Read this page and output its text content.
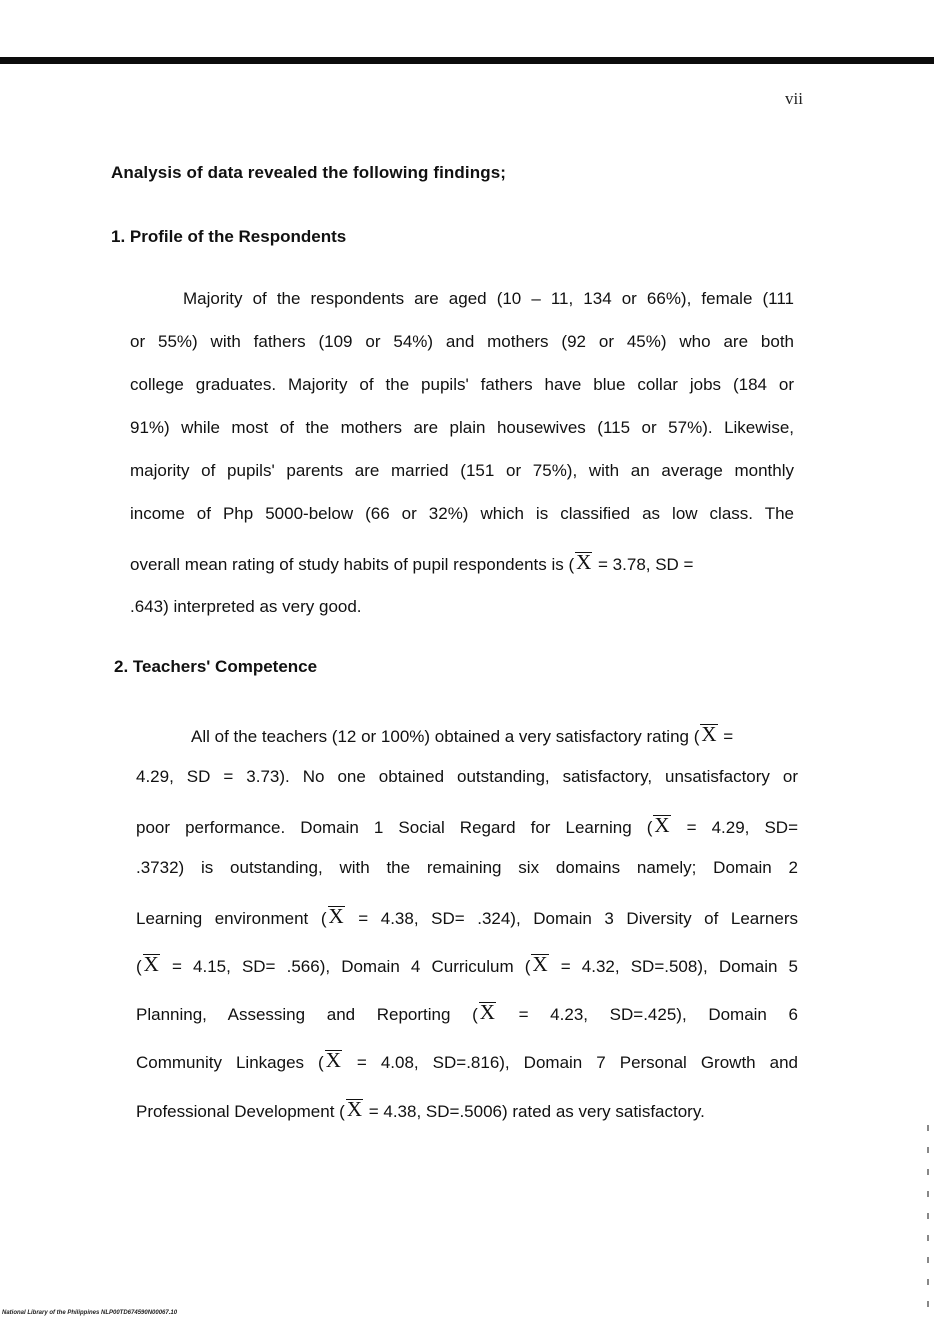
vii
Analysis of data revealed the following findings;
1. Profile of the Respondents
Majority of the respondents are aged (10 – 11, 134 or 66%), female (111
or 55%) with fathers (109 or 54%) and mothers (92 or 45%) who are both
college graduates. Majority of the pupils' fathers have blue collar jobs (184 or
91%) while most of the mothers are plain housewives (115 or 57%). Likewise,
majority of pupils' parents are married (151 or 75%), with an average monthly
income of Php 5000-below (66 or 32%) which is classified as low class. The
overall mean rating of study habits of pupil respondents is (X = 3.78, SD =
.643) interpreted as very good.
2. Teachers' Competence
All of the teachers (12 or 100%) obtained a very satisfactory rating (X =
4.29, SD = 3.73). No one obtained outstanding, satisfactory, unsatisfactory or
poor performance. Domain 1 Social Regard for Learning (X = 4.29, SD=
.3732) is outstanding, with the remaining six domains namely; Domain 2
Learning environment (X = 4.38, SD= .324), Domain 3 Diversity of Learners
(X = 4.15, SD= .566), Domain 4 Curriculum (X = 4.32, SD=.508), Domain 5
Planning, Assessing and Reporting (X = 4.23, SD=.425), Domain 6
Community Linkages (X = 4.08, SD=.816), Domain 7 Personal Growth and
Professional Development (X = 4.38, SD=.5006) rated as very satisfactory.
National Library of the Philippines NLP00TD674590N00067.10
